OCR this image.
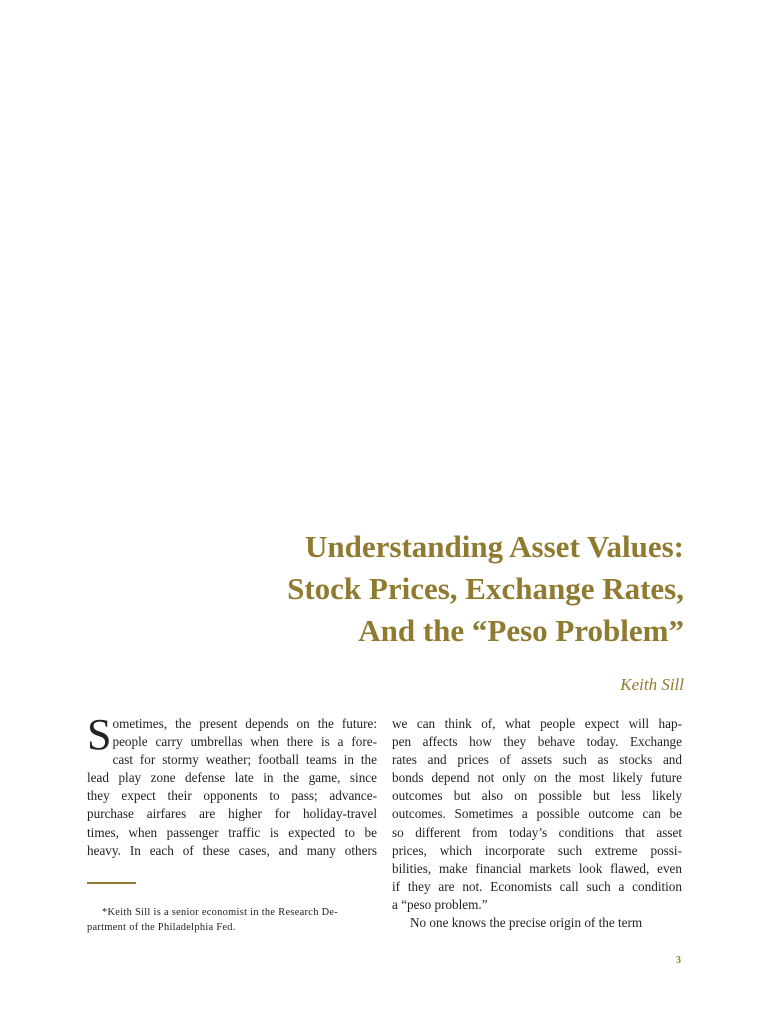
Understanding Asset Values:
Stock Prices, Exchange Rates,
And the “Peso Problem”
Keith Sill
S ometimes, the present depends on the future:
people carry umbrellas when there is a fore-
cast for stormy weather; football teams in the
lead play zone defense late in the game, since
they expect their opponents to pass; advance-
purchase airfares are higher for holiday-travel
times, when passenger traffic is expected to be
heavy. In each of these cases, and many others
we can think of, what people expect will hap-
pen affects how they behave today. Exchange
rates and prices of assets such as stocks and
bonds depend not only on the most likely future
outcomes but also on possible but less likely
outcomes. Sometimes a possible outcome can be
so different from today’s conditions that asset
prices, which incorporate such extreme possi-
bilities, make financial markets look flawed, even
if they are not. Economists call such a condition
a “peso problem.”
No one knows the precise origin of the term
*Keith Sill is a senior economist in the Research De-
partment of the Philadelphia Fed.
3
